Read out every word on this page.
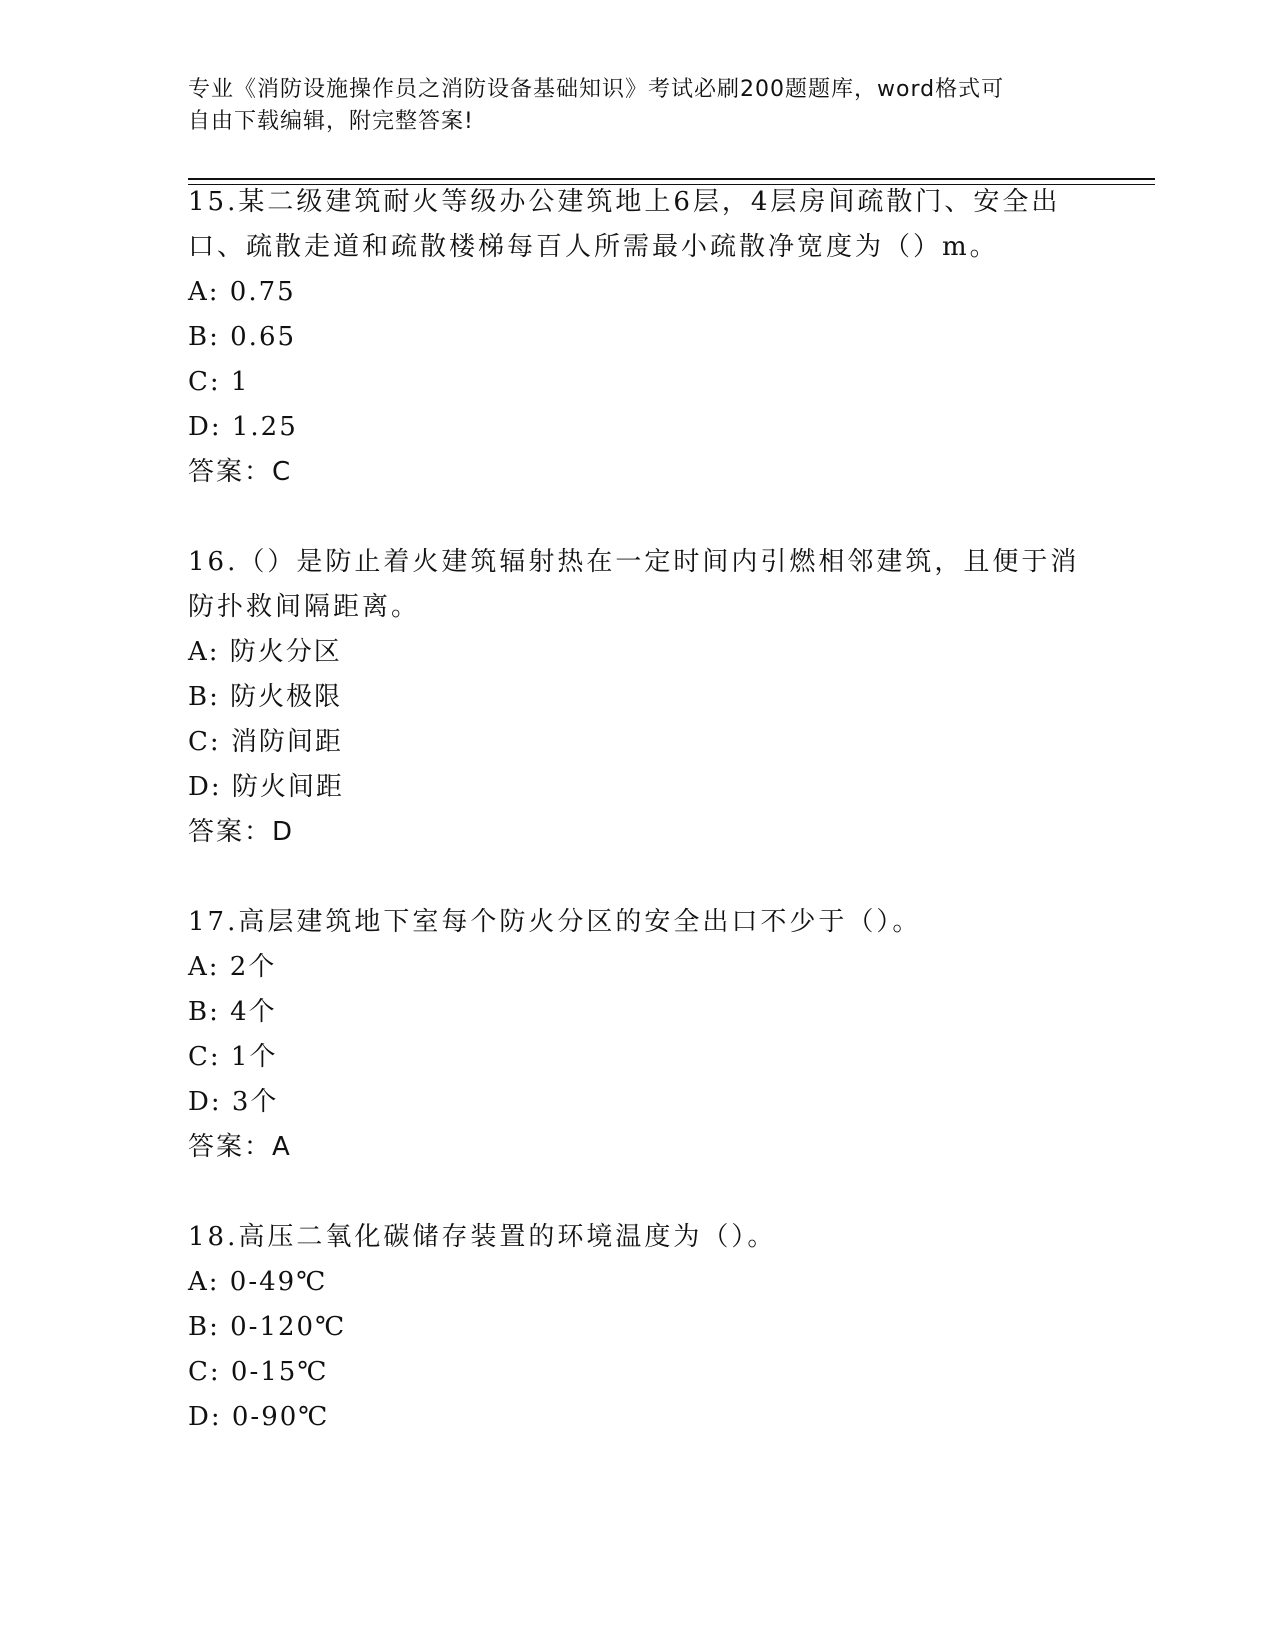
专业《消防设施操作员之消防设备基础知识》考试必刷200题题库，word格式可
自由下载编辑，附完整答案!

15.某二级建筑耐火等级办公建筑地上6层，4层房间疏散门、安全出

口、疏散走道和疏散楼梯每百人所需最小疏散净宽度为（）m。

A: 0.75

B: 0.65

C: 1

D: 1.25

答案：C

16.（）是防止着火建筑辐射热在一定时间内引燃相邻建筑，且便于消

防扑救间隔距离。

A: 防火分区

B: 防火极限

C: 消防间距

D: 防火间距

答案：D

17.高层建筑地下室每个防火分区的安全出口不少于（）。

A: 2个

B: 4个

C: 1个

D: 3个

答案：A

18.高压二氧化碳储存装置的环境温度为（）。

A: 0-49℃

B: 0-120℃

C: 0-15℃

D: 0-90℃
